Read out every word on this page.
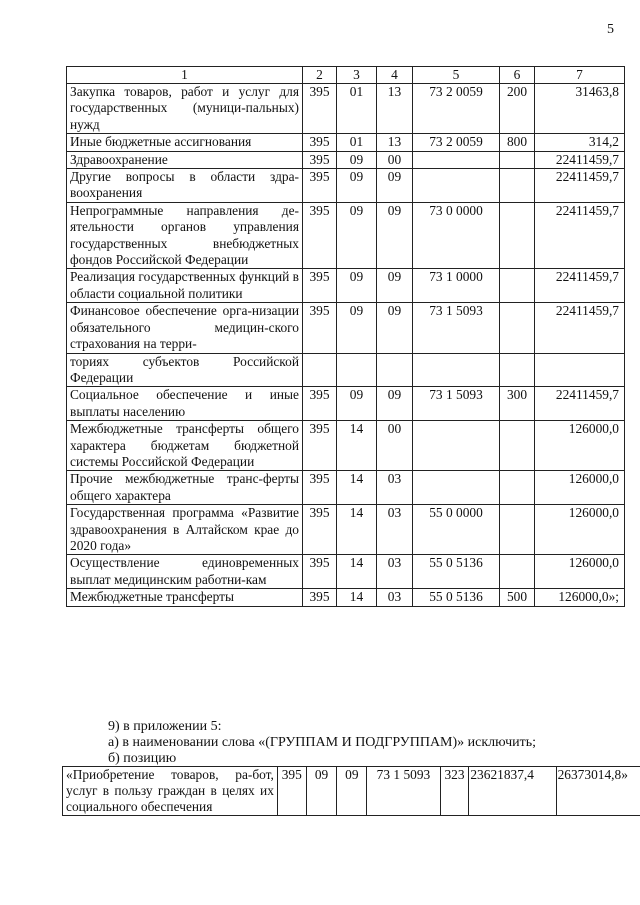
5
1	2	3	4	5	6	7
Закупка товаров, работ и услуг для государственных (муници-пальных) нужд	395	01	13	73 2 0059	200	31463,8
Иные бюджетные ассигнования	395	01	13	73 2 0059	800	314,2
Здравоохранение	395	09	00			22411459,7
Другие вопросы в области здра-воохранения	395	09	09			22411459,7
Непрограммные направления де-ятельности органов управления государственных внебюджетных фондов Российской Федерации	395	09	09	73 0 0000		22411459,7
Реализация государственных функций в области социальной политики	395	09	09	73 1 0000		22411459,7
Финансовое обеспечение орга-низации обязательного медицин-ского страхования на терри-	395	09	09	73 1 5093		22411459,7
ториях субъектов Российской Федерации						
Социальное обеспечение и иные выплаты населению	395	09	09	73 1 5093	300	22411459,7
Межбюджетные трансферты общего характера бюджетам бюджетной системы Российской Федерации	395	14	00			126000,0
Прочие межбюджетные транс-ферты общего характера	395	14	03			126000,0
Государственная программа «Развитие здравоохранения в Алтайском крае до 2020 года»	395	14	03	55 0 0000		126000,0
Осуществление единовременных выплат медицинским работни-кам	395	14	03	55 0 5136		126000,0
Межбюджетные трансферты	395	14	03	55 0 5136	500	126000,0»;
9) в приложении 5:
а) в наименовании слова «(ГРУППАМ И ПОДГРУППАМ)» исключить;
б) позицию
«Приобретение товаров, ра-бот, услуг в пользу граждан в целях их социального обеспечения	395	09	09	73 1 5093	323	23621837,4	26373014,8»
